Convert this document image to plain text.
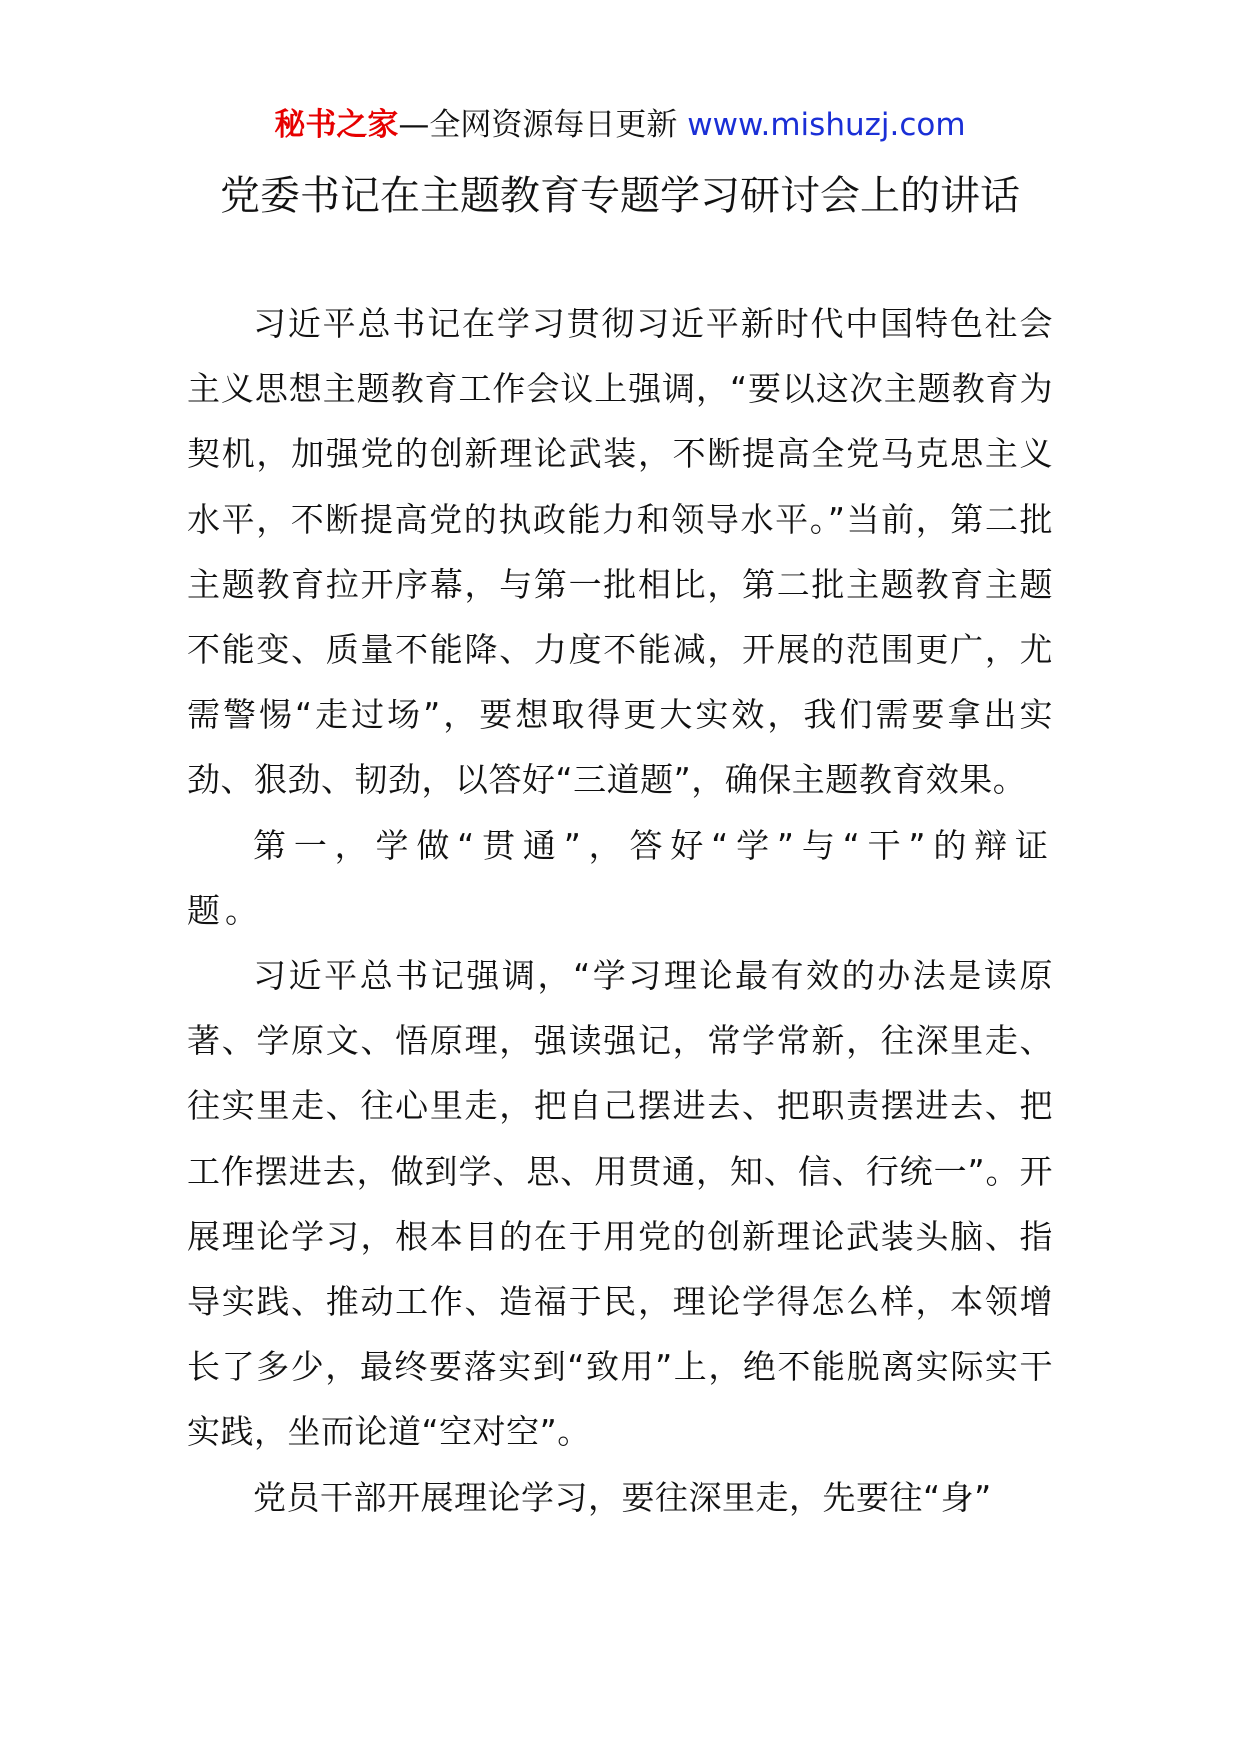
秘书之家—全网资源每日更新 www.mishuzj.com
党委书记在主题教育专题学习研讨会上的讲话

习近平总书记在学习贯彻习近平新时代中国特色社会主义思想主题教育工作会议上强调，“要以这次主题教育为契机，加强党的创新理论武装，不断提高全党马克思主义水平，不断提高党的执政能力和领导水平。”当前，第二批主题教育拉开序幕，与第一批相比，第二批主题教育主题不能变、质量不能降、力度不能减，开展的范围更广，尤需警惕“走过场”，要想取得更大实效，我们需要拿出实劲、狠劲、韧劲，以答好“三道题”，确保主题教育效果。

第一，学做“贯通”，答好“学”与“干”的辩证题。

习近平总书记强调，“学习理论最有效的办法是读原著、学原文、悟原理，强读强记，常学常新，往深里走、往实里走、往心里走，把自己摆进去、把职责摆进去、把工作摆进去，做到学、思、用贯通，知、信、行统一”。开展理论学习，根本目的在于用党的创新理论武装头脑、指导实践、推动工作、造福于民，理论学得怎么样，本领增长了多少，最终要落实到“致用”上，绝不能脱离实际实干实践，坐而论道“空对空”。

党员干部开展理论学习，要往深里走，先要往“身”
